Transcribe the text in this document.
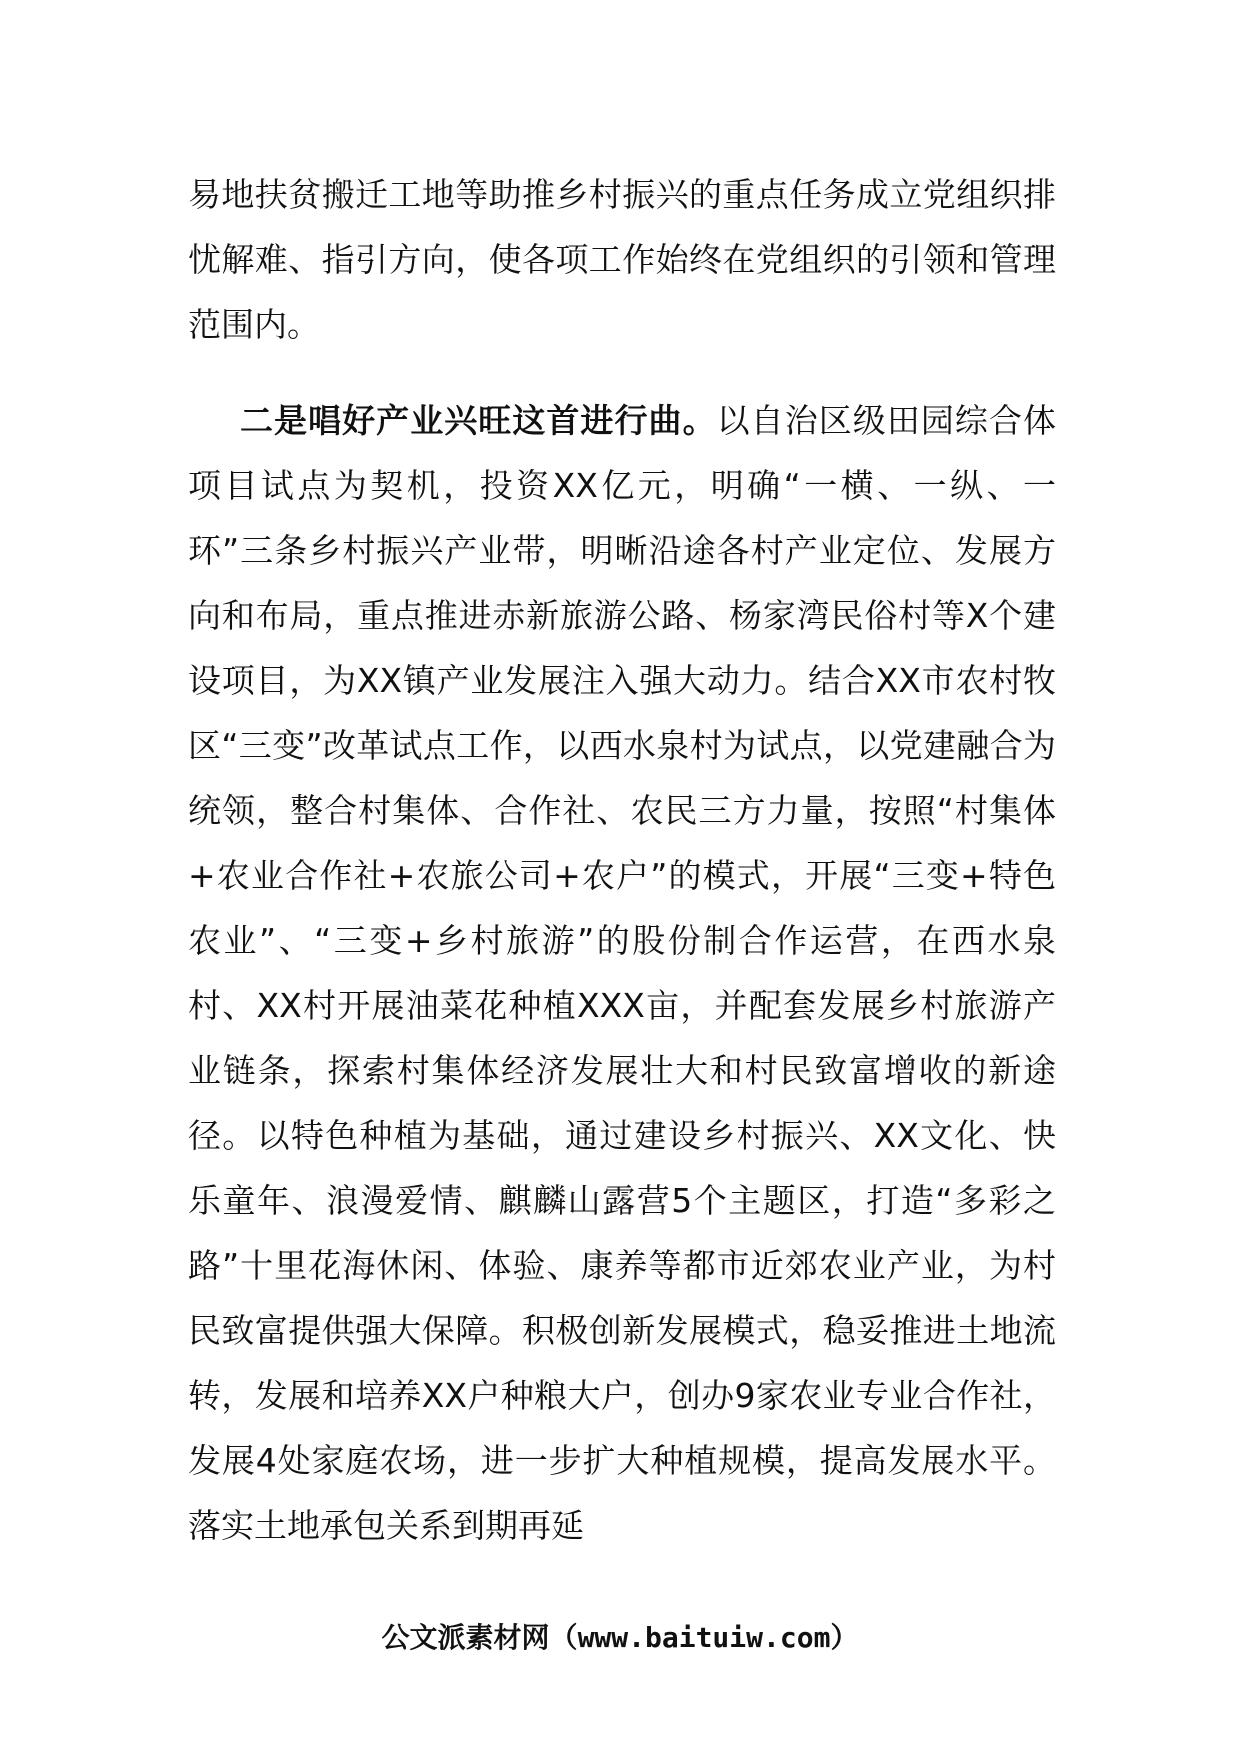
易地扶贫搬迁工地等助推乡村振兴的重点任务成立党组织排忧解难、指引方向，使各项工作始终在党组织的引领和管理范围内。

二是唱好产业兴旺这首进行曲。以自治区级田园综合体项目试点为契机，投资XX亿元，明确“一横、一纵、一环”三条乡村振兴产业带，明晰沿途各村产业定位、发展方向和布局，重点推进赤新旅游公路、杨家湾民俗村等X个建设项目，为XX镇产业发展注入强大动力。结合XX市农村牧区“三变”改革试点工作，以西水泉村为试点，以党建融合为统领，整合村集体、合作社、农民三方力量，按照“村集体+农业合作社+农旅公司+农户”的模式，开展“三变+特色农业”、“三变+乡村旅游”的股份制合作运营，在西水泉村、XX村开展油菜花种植XXX亩，并配套发展乡村旅游产业链条，探索村集体经济发展壮大和村民致富增收的新途径。以特色种植为基础，通过建设乡村振兴、XX文化、快乐童年、浪漫爱情、麒麟山露营5个主题区，打造“多彩之路”十里花海休闲、体验、康养等都市近郊农业产业，为村民致富提供强大保障。积极创新发展模式，稳妥推进土地流转，发展和培养XX户种粮大户，创办9家农业专业合作社，发展4处家庭农场，进一步扩大种植规模，提高发展水平。落实土地承包关系到期再延

公文派素材网（www.baituiw.com）
